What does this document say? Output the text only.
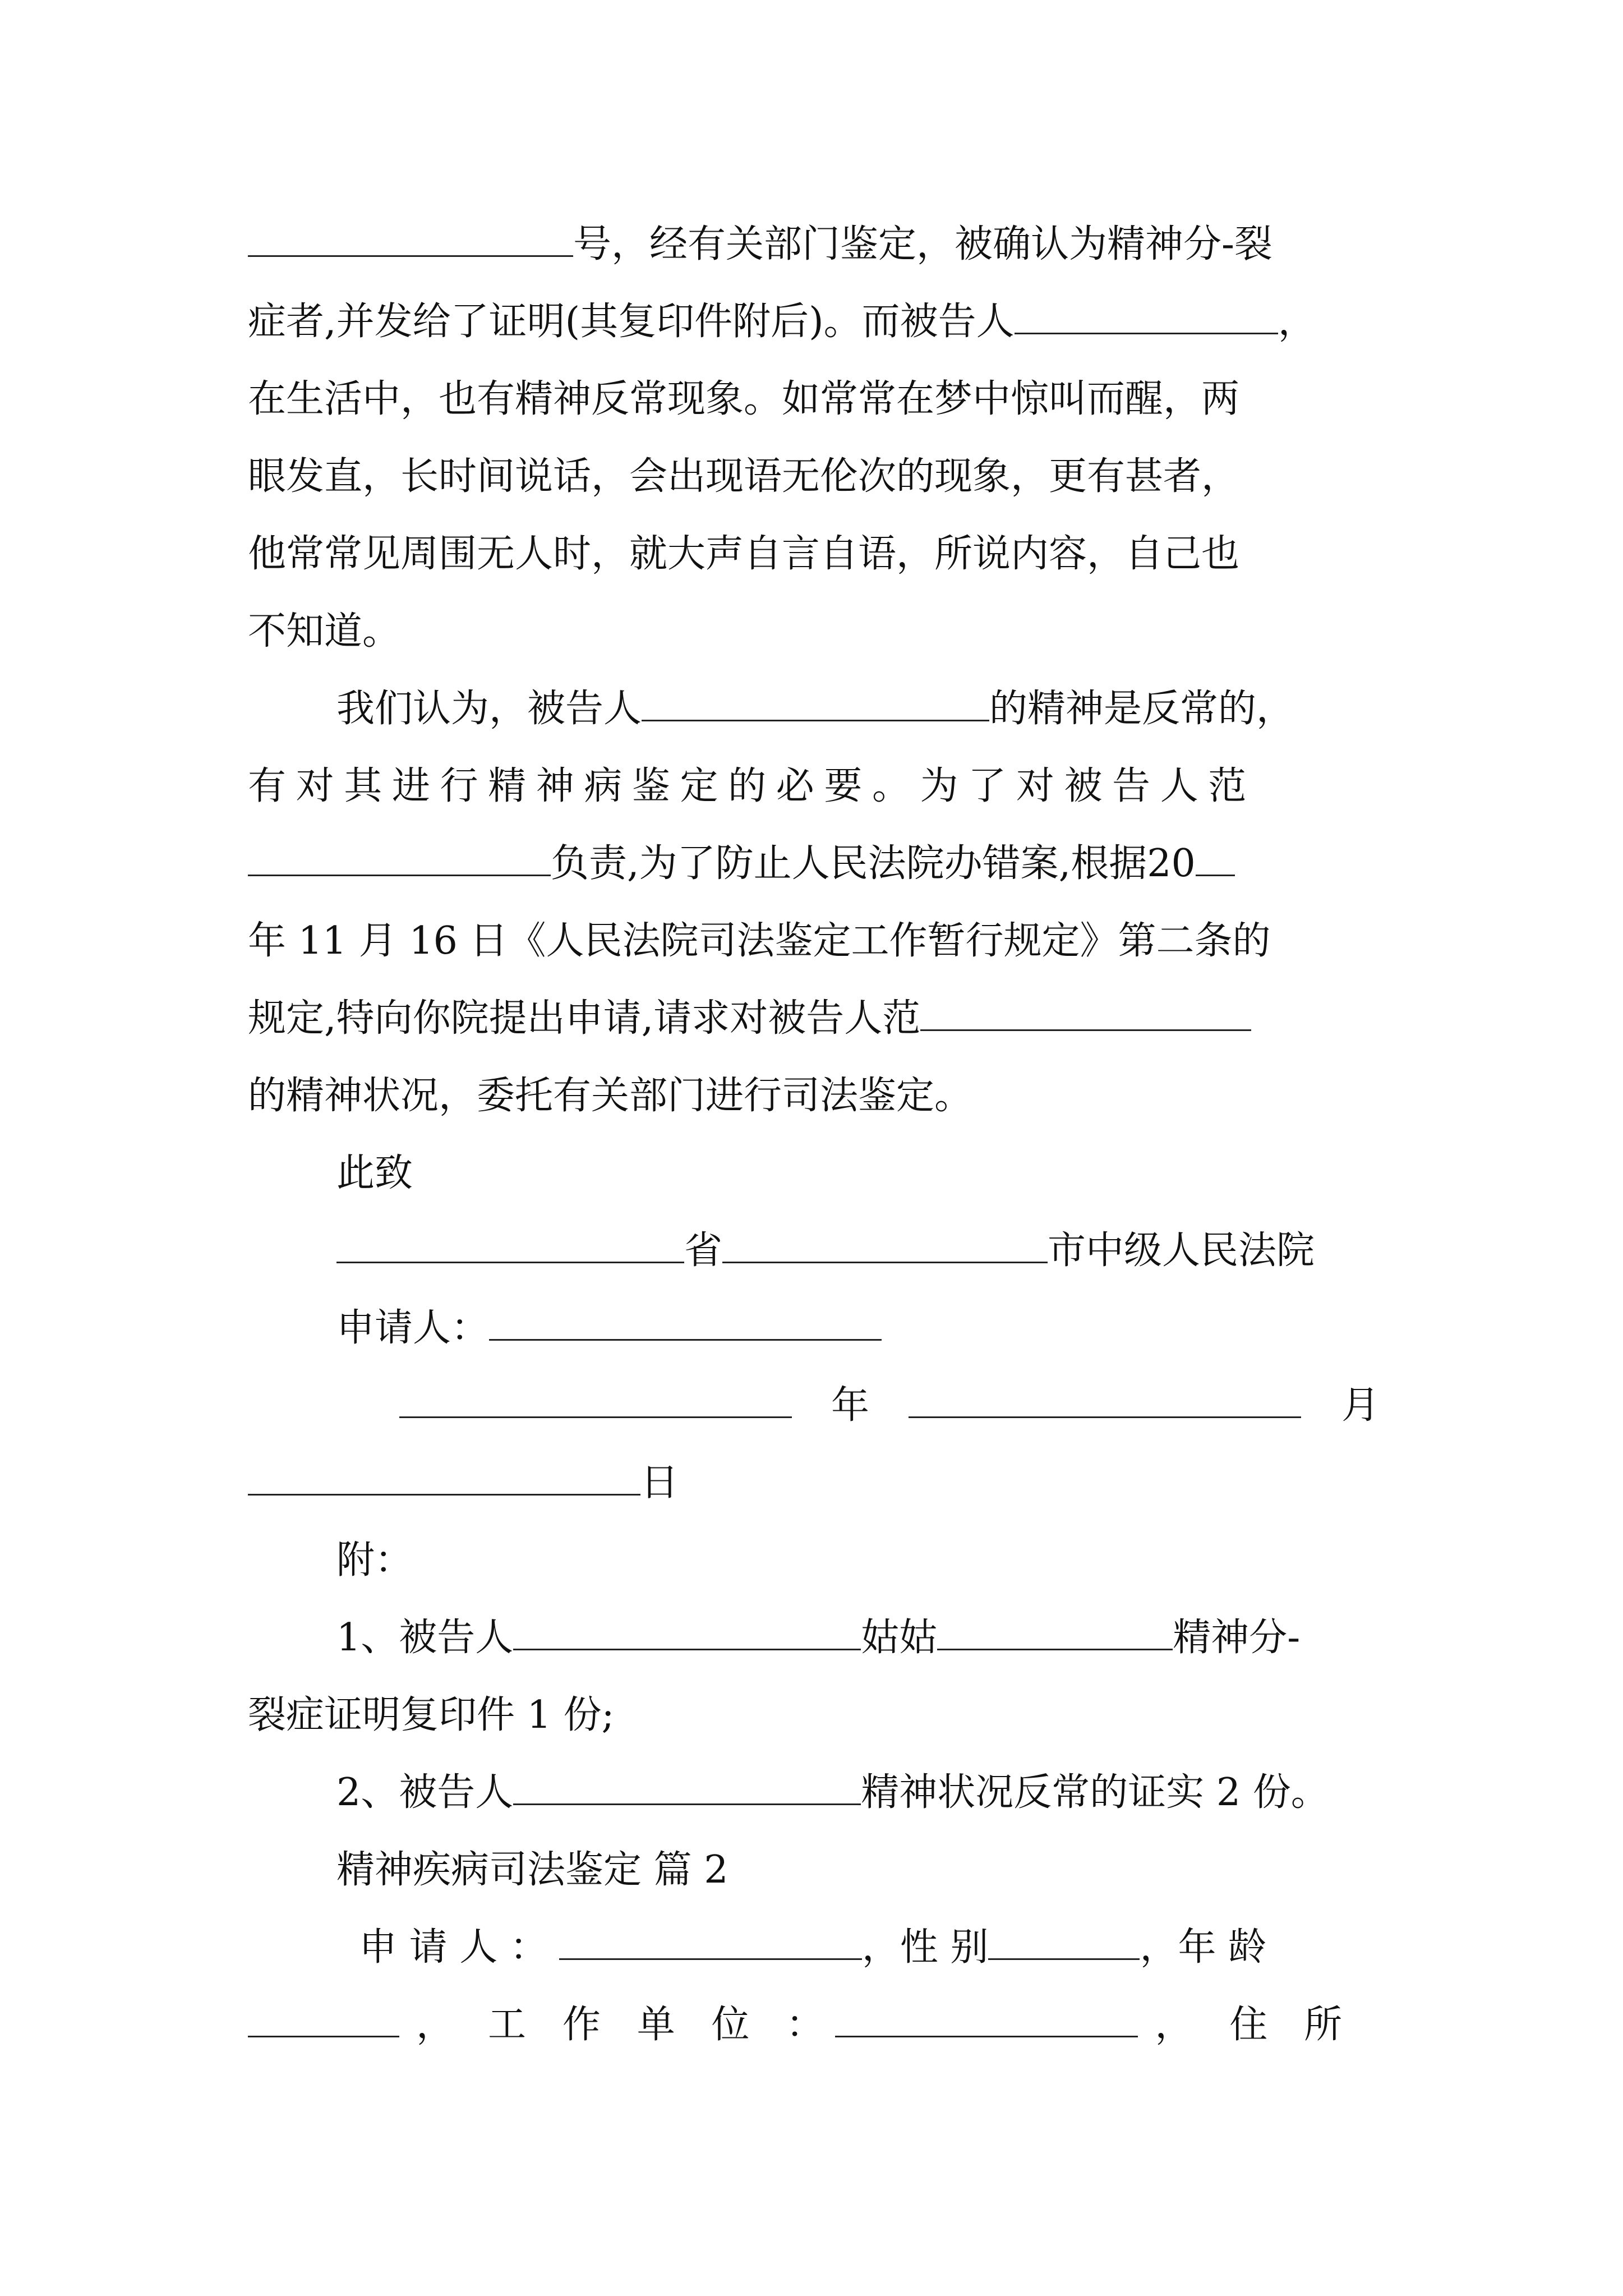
号，经有关部门鉴定，被确认为精神分-裂
症者,并发给了证明(其复印件附后)。而被告人	，
在生活中，也有精神反常现象。如常常在梦中惊叫而醒，两
眼发直，长时间说话，会出现语无伦次的现象，更有甚者，
他常常见周围无人时，就大声自言自语，所说内容，自己也
不知道。
我们认为，被告人	的精神是反常的，
有 对 其 进 行 精 神 病 鉴 定 的 必 要 。 为 了 对 被 告 人 范
负责,为了防止人民法院办错案,根据20
年 11 月 16 日《人民法院司法鉴定工作暂行规定》第二条的
规定,特向你院提出申请,请求对被告人范
的精神状况，委托有关部门进行司法鉴定。
此致
省	市中级人民法院
申请人：
年	月
日
附：
1、被告人	姑姑	精神分-
裂症证明复印件 1 份;
2、被告人	精神状况反常的证实 2 份。
精神疾病司法鉴定 篇 2
申 请 人 ：	，性 别	，年 龄
， 工   作   单   位   ：	，   住   所
